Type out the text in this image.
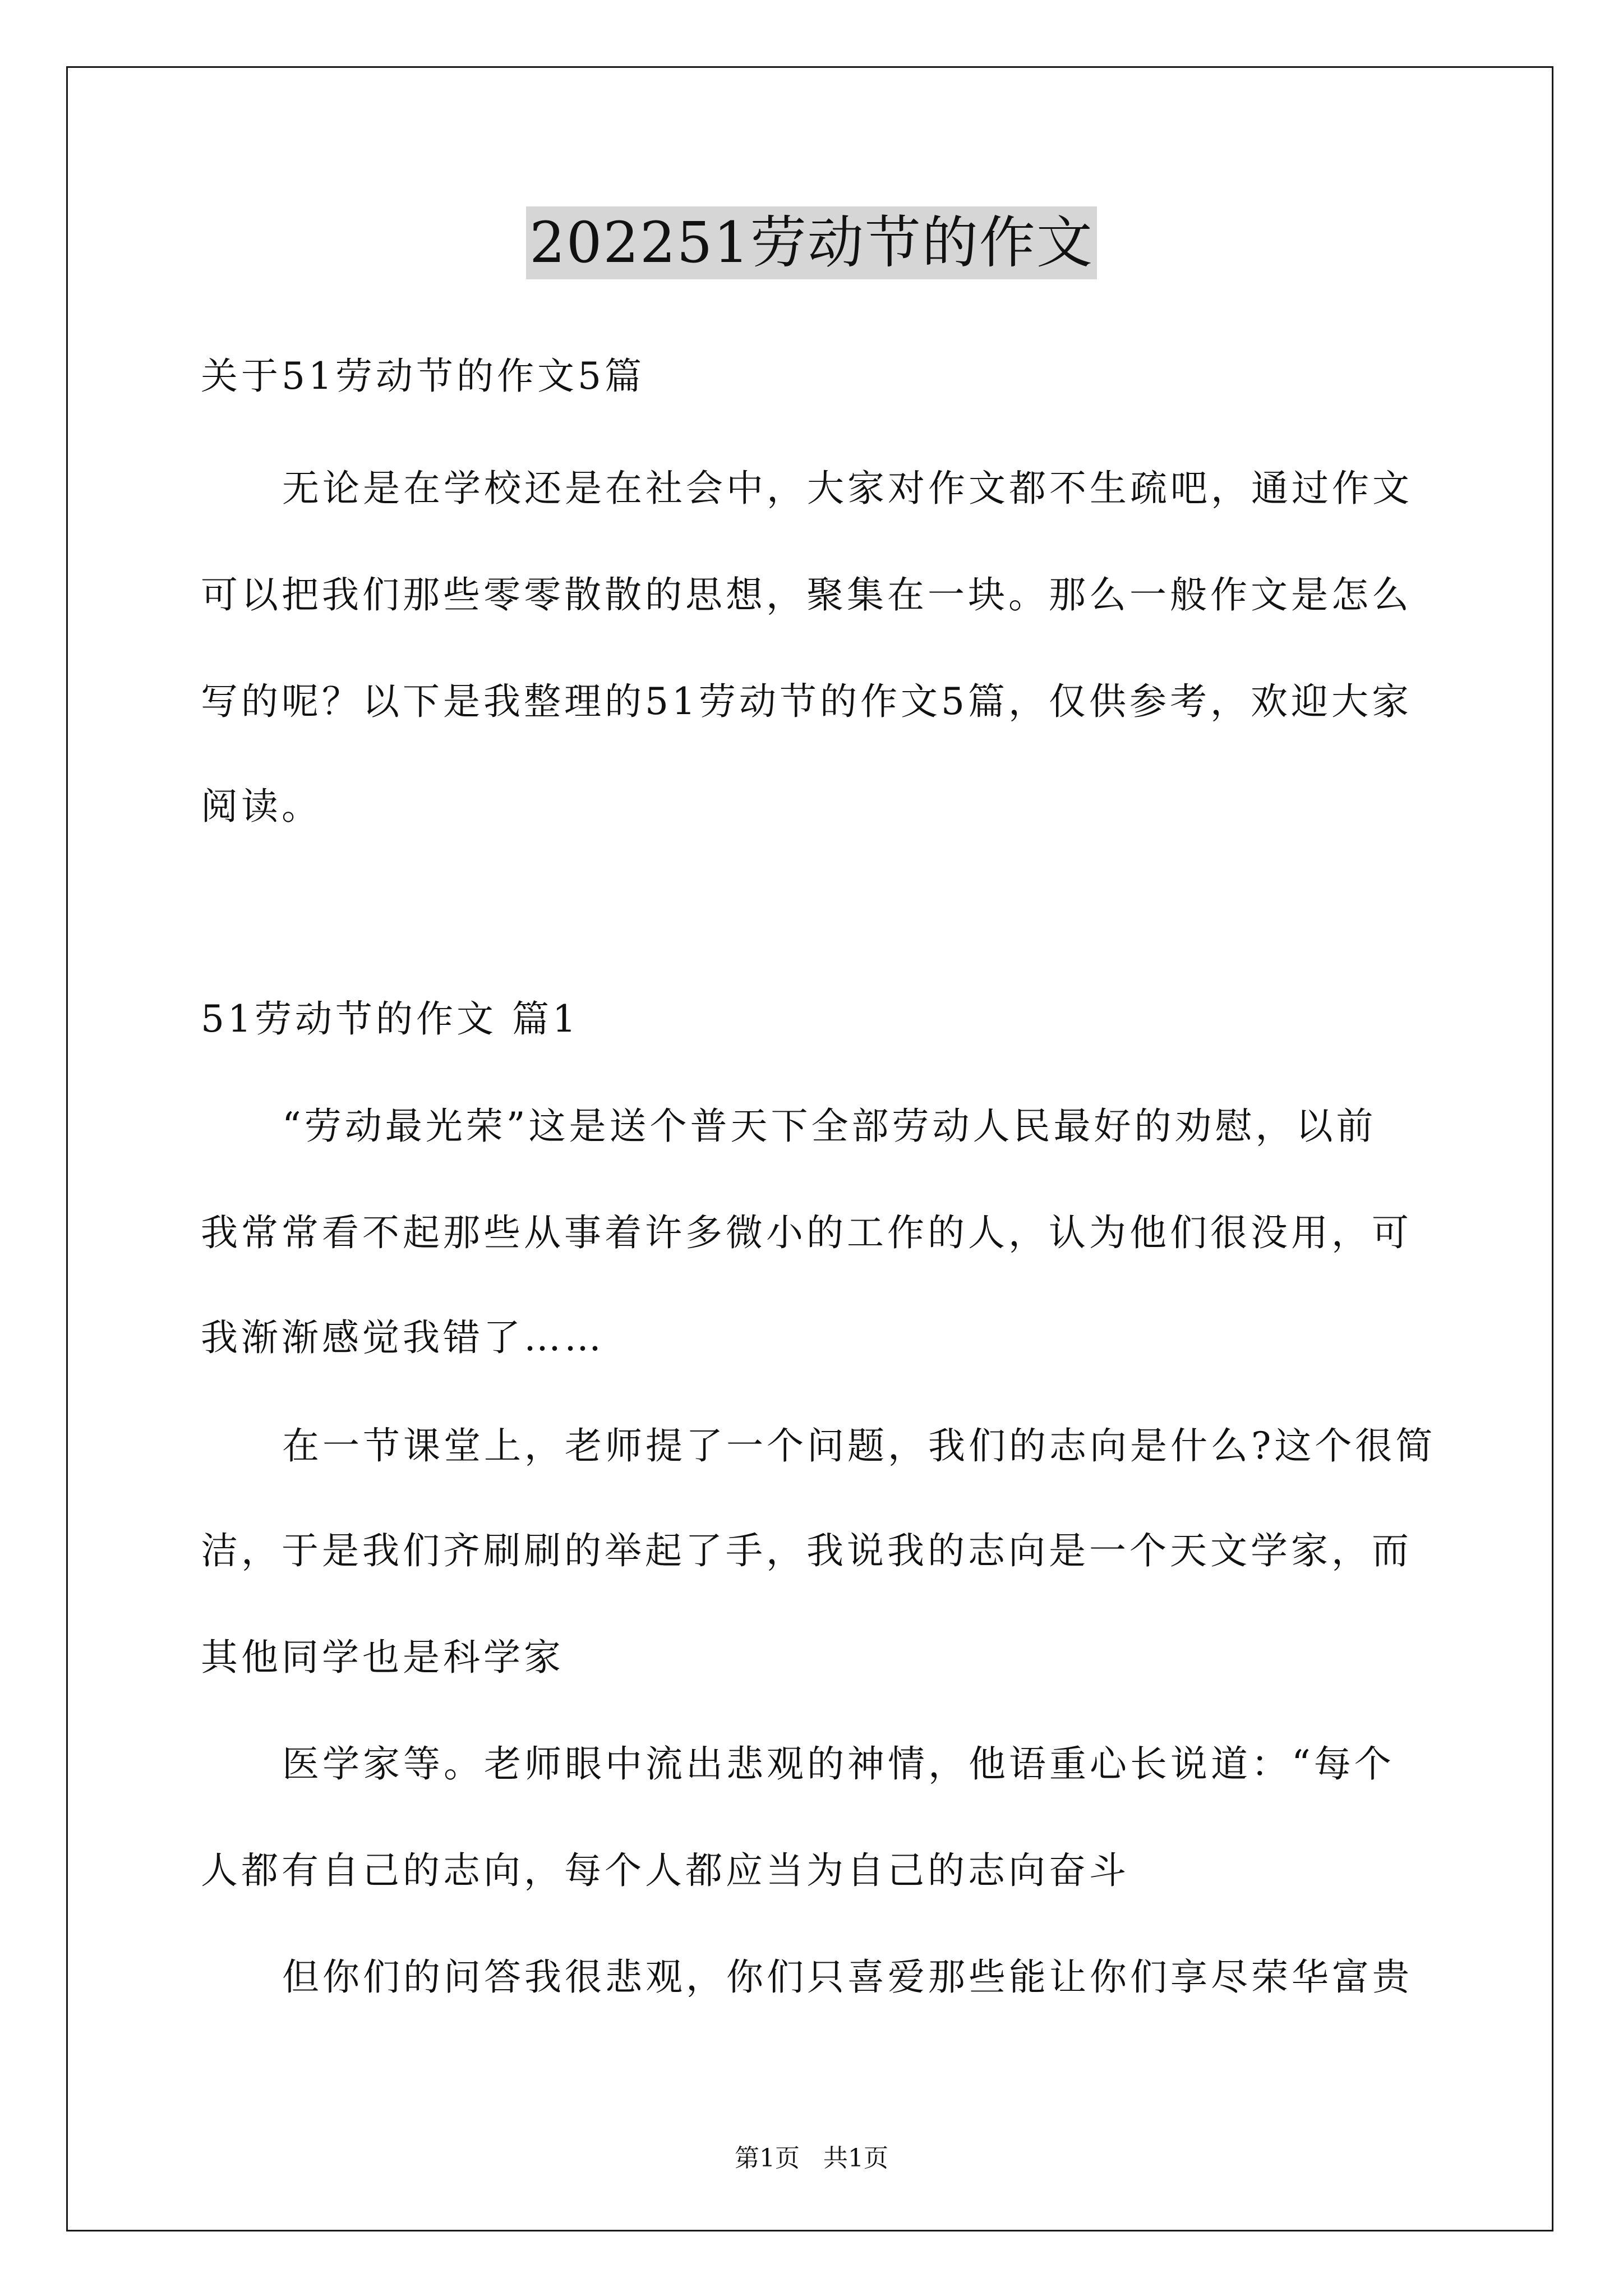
202251劳动节的作文
关于51劳动节的作文5篇
无论是在学校还是在社会中，大家对作文都不生疏吧，通过作文
可以把我们那些零零散散的思想，聚集在一块。那么一般作文是怎么
写的呢？以下是我整理的51劳动节的作文5篇，仅供参考，欢迎大家
阅读。
51劳动节的作文 篇1
“劳动最光荣”这是送个普天下全部劳动人民最好的劝慰，以前
我常常看不起那些从事着许多微小的工作的人，认为他们很没用，可
我渐渐感觉我错了……
在一节课堂上，老师提了一个问题，我们的志向是什么?这个很简
洁，于是我们齐刷刷的举起了手，我说我的志向是一个天文学家，而
其他同学也是科学家
医学家等。老师眼中流出悲观的神情，他语重心长说道：“每个
人都有自己的志向，每个人都应当为自己的志向奋斗
但你们的问答我很悲观，你们只喜爱那些能让你们享尽荣华富贵
第1页   共1页
